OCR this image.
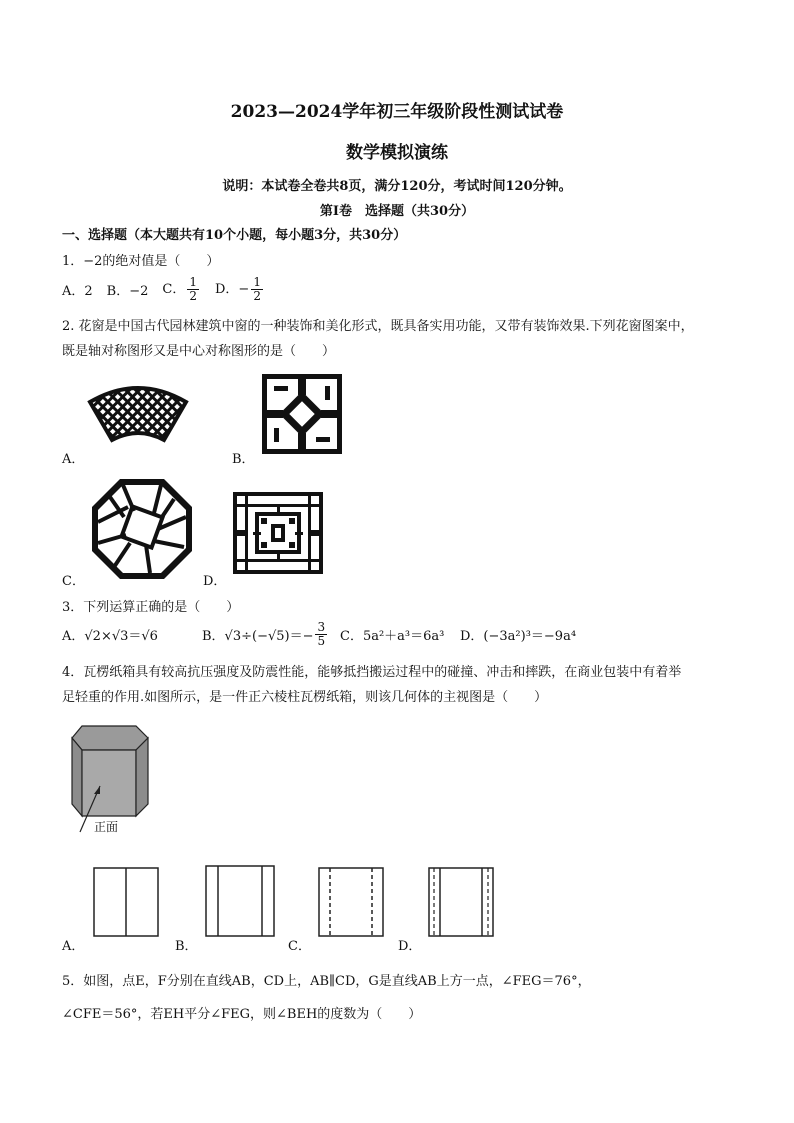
2023—2024学年初三年级阶段性测试试卷
数学模拟演练
说明：本试卷全卷共8页，满分120分，考试时间120分钟。
第Ⅰ卷　选择题（共30分）
一、选择题（本大题共有10个小题，每小题3分，共30分）
1．−2的绝对值是（　　）
A．2 B．−2 C． $\frac{1}{2}$ D．− $\frac{1}{2}$
2. 花窗是中国古代园林建筑中窗的一种装饰和美化形式，既具备实用功能，又带有装饰效果.下列花窗图案中，
既是轴对称图形又是中心对称图形的是（　　）
A．	B．
C．	D．
3．下列运算正确的是（　　）
A．√2×√3＝√6	B．$√3\div(-√5)=- \frac{3}{5}$ C．5a²＋a³＝6a³	D．(−3a²)³＝−9a⁴
4．瓦楞纸箱具有较高抗压强度及防震性能，能够抵挡搬运过程中的碰撞、冲击和摔跌，在商业包装中有着举
足轻重的作用.如图所示，是一件正六棱柱瓦楞纸箱，则该几何体的主视图是（　　）
正面
A．	B．	C．	D．
5．如图，点E，F分别在直线AB，CD上，AB∥CD，G是直线AB上方一点，∠FEG＝76°，
∠CFE＝56°，若EH平分∠FEG，则∠BEH的度数为（　　）
